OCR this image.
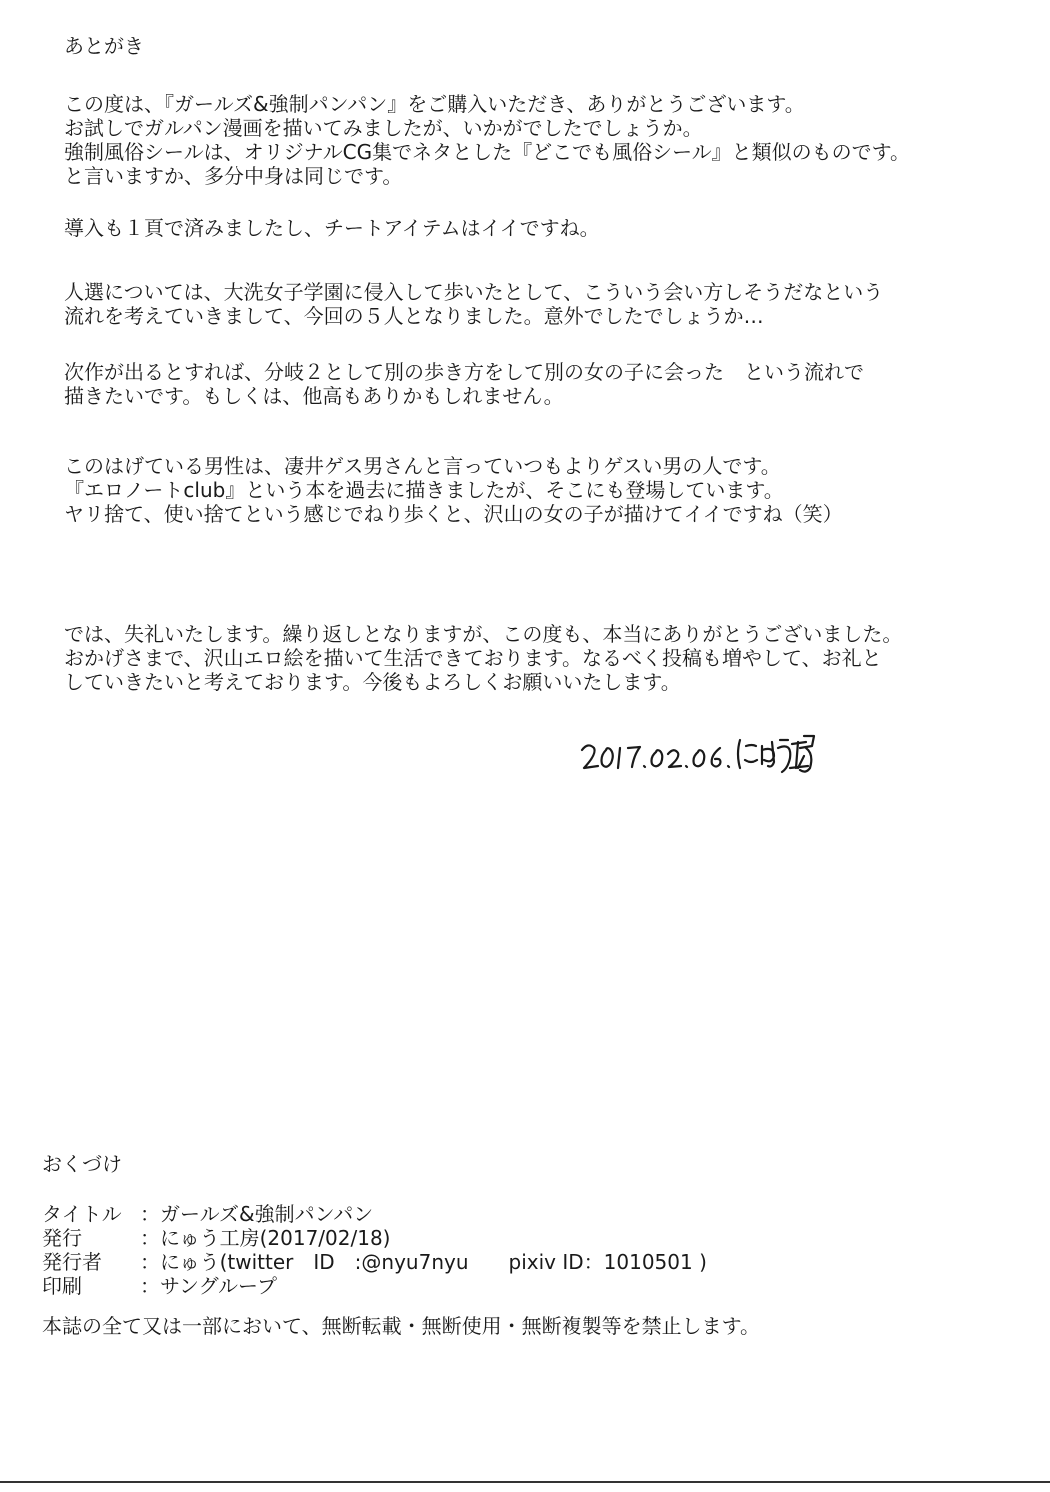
あとがき
この度は、『ガールズ&強制パンパン』をご購入いただき、ありがとうございます。
お試しでガルパン漫画を描いてみましたが、いかがでしたでしょうか。
強制風俗シールは、オリジナルCG集でネタとした『どこでも風俗シール』と類似のものです。
と言いますか、多分中身は同じです。
導入も１頁で済みましたし、チートアイテムはイイですね。
人選については、大洗女子学園に侵入して歩いたとして、こういう会い方しそうだなという
流れを考えていきまして、今回の５人となりました。意外でしたでしょうか…
次作が出るとすれば、分岐２として別の歩き方をして別の女の子に会った　という流れで
描きたいです。もしくは、他高もありかもしれません。
このはげている男性は、凄井ゲス男さんと言っていつもよりゲスい男の人です。
『エロノートclub』という本を過去に描きましたが、そこにも登場しています。
ヤリ捨て、使い捨てという感じでねり歩くと、沢山の女の子が描けてイイですね（笑）
では、失礼いたします。繰り返しとなりますが、この度も、本当にありがとうございました。
おかげさまで、沢山エロ絵を描いて生活できております。なるべく投稿も増やして、お礼と
していきたいと考えております。今後もよろしくお願いいたします。
おくづけ
タイトル ： ガールズ&強制パンパン
発行	： にゅう工房(2017/02/18)
発行者	： にゅう(twitter　ID　:@nyu7nyu　　pixiv ID：1010501 )
印刷	： サングループ
本誌の全て又は一部において、無断転載・無断使用・無断複製等を禁止します。
